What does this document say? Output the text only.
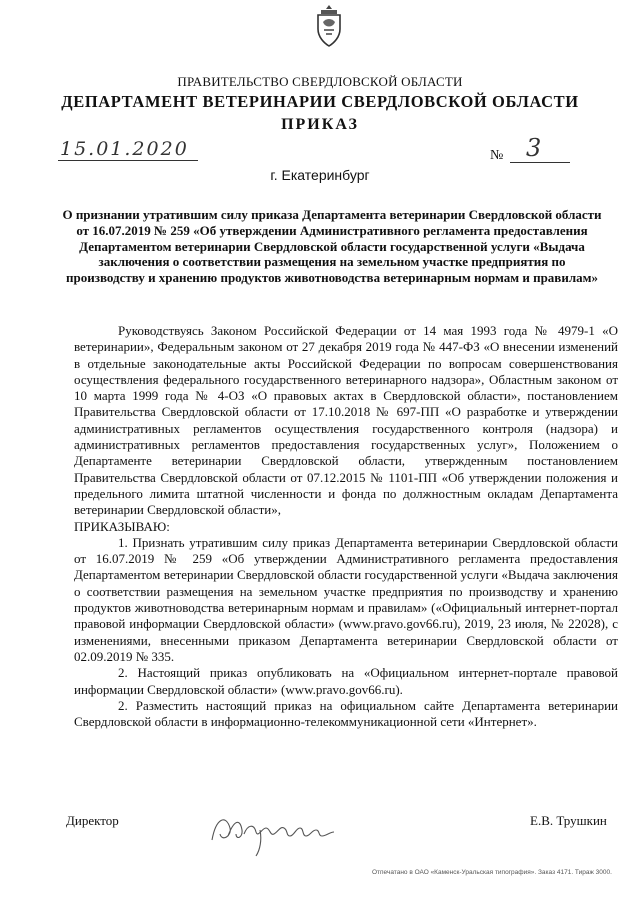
ПРАВИТЕЛЬСТВО СВЕРДЛОВСКОЙ ОБЛАСТИ
ДЕПАРТАМЕНТ ВЕТЕРИНАРИИ СВЕРДЛОВСКОЙ ОБЛАСТИ
ПРИКАЗ
15.01.2020	№ 3
г. Екатеринбург
О признании утратившим силу приказа Департамента ветеринарии Свердловской области от 16.07.2019 № 259 «Об утверждении Административного регламента предоставления Департаментом ветеринарии Свердловской области государственной услуги «Выдача заключения о соответствии размещения на земельном участке предприятия по производству и хранению продуктов животноводства ветеринарным нормам и правилам»

Руководствуясь Законом Российской Федерации от 14 мая 1993 года № 4979-1 «О ветеринарии», Федеральным законом от 27 декабря 2019 года № 447-ФЗ «О внесении изменений в отдельные законодательные акты Российской Федерации по вопросам совершенствования осуществления федерального государственного ветеринарного надзора», Областным законом от 10 марта 1999 года № 4-ОЗ «О правовых актах в Свердловской области», постановлением Правительства Свердловской области от 17.10.2018 № 697-ПП «О разработке и утверждении административных регламентов осуществления государственного контроля (надзора) и административных регламентов предоставления государственных услуг», Положением о Департаменте ветеринарии Свердловской области, утвержденным постановлением Правительства Свердловской области от 07.12.2015 № 1101-ПП «Об утверждении положения и предельного лимита штатной численности и фонда по должностным окладам Департамента ветеринарии Свердловской области»,

ПРИКАЗЫВАЮ:

1. Признать утратившим силу приказ Департамента ветеринарии Свердловской области от 16.07.2019 № 259 «Об утверждении Административного регламента предоставления Департаментом ветеринарии Свердловской области государственной услуги «Выдача заключения о соответствии размещения на земельном участке предприятия по производству и хранению продуктов животноводства ветеринарным нормам и правилам» («Официальный интернет-портал правовой информации Свердловской области» (www.pravo.gov66.ru), 2019, 23 июля, № 22028), с изменениями, внесенными приказом Департамента ветеринарии Свердловской области от 02.09.2019 № 335.

2. Настоящий приказ опубликовать на «Официальном интернет-портале правовой информации Свердловской области» (www.pravo.gov66.ru).

2. Разместить настоящий приказ на официальном сайте Департамента ветеринарии Свердловской области в информационно-телекоммуникационной сети «Интернет».

Директор	Е.В. Трушкин
Отпечатано в ОАО «Каменск-Уральская типография». Заказ 4171. Тираж 3000.
